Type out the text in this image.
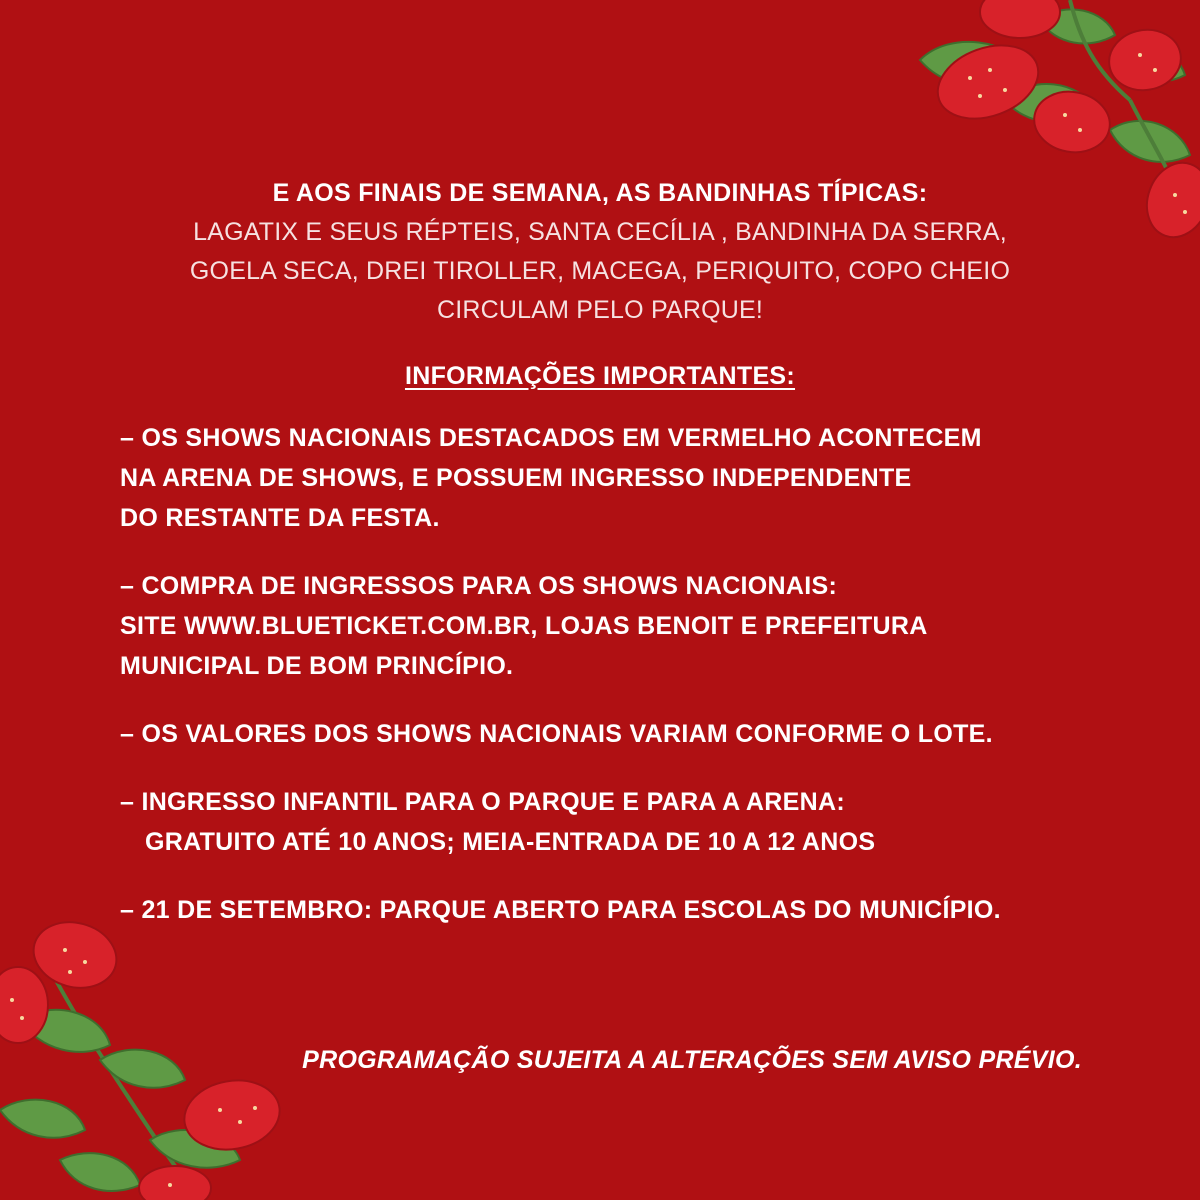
E AOS FINAIS DE SEMANA, AS BANDINHAS TÍPICAS:
LAGATIX E SEUS RÉPTEIS, SANTA CECÍLIA , BANDINHA DA SERRA,
GOELA SECA, DREI TIROLLER, MACEGA, PERIQUITO, COPO CHEIO
CIRCULAM PELO PARQUE!
INFORMAÇÕES IMPORTANTES:
– OS SHOWS NACIONAIS DESTACADOS EM VERMELHO ACONTECEM
NA ARENA DE SHOWS, E POSSUEM INGRESSO INDEPENDENTE
DO RESTANTE DA FESTA.
– COMPRA DE INGRESSOS PARA OS SHOWS NACIONAIS:
SITE WWW.BLUETICKET.COM.BR, LOJAS BENOIT E PREFEITURA
MUNICIPAL DE BOM PRINCÍPIO.
– OS VALORES DOS SHOWS NACIONAIS VARIAM CONFORME O LOTE.
– INGRESSO INFANTIL PARA O PARQUE E PARA A ARENA:
GRATUITO ATÉ 10 ANOS; MEIA-ENTRADA DE 10 A 12 ANOS
– 21 DE SETEMBRO: PARQUE ABERTO PARA ESCOLAS DO MUNICÍPIO.
PROGRAMAÇÃO SUJEITA A ALTERAÇÕES SEM AVISO PRÉVIO.
